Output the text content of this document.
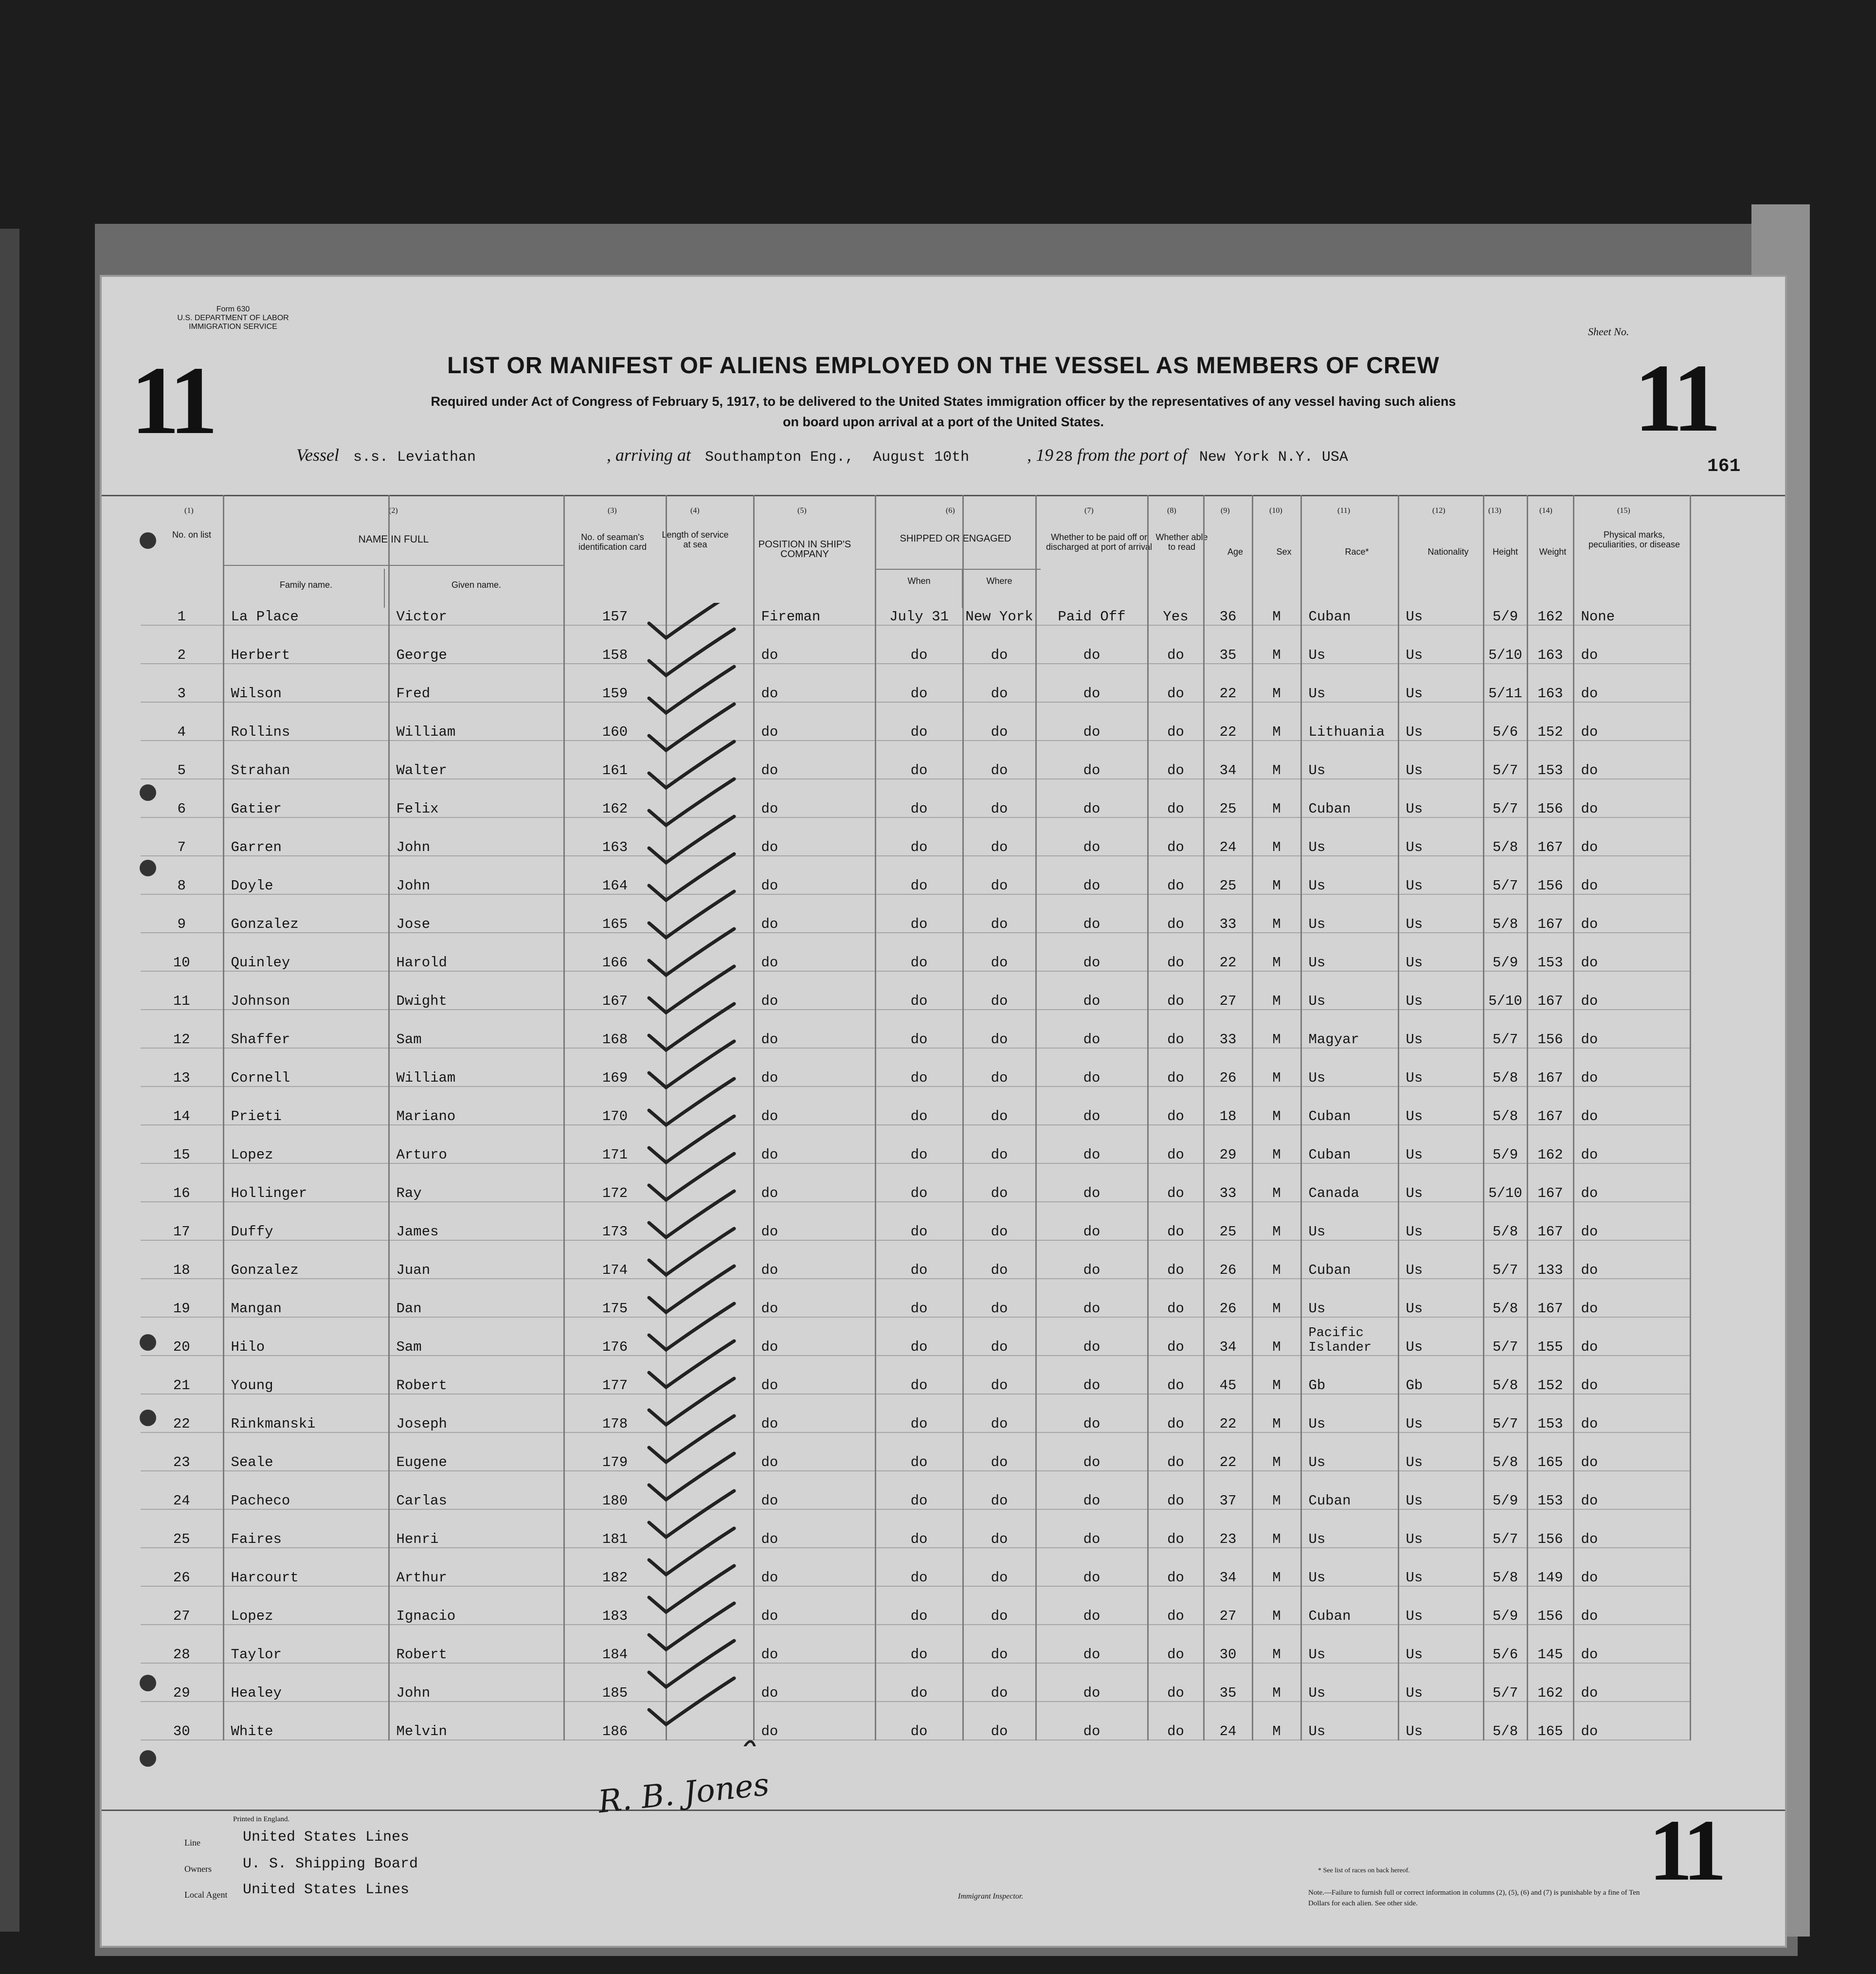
Form 630
U.S. DEPARTMENT OF LABOR
IMMIGRATION SERVICE
11	11
Sheet No.
LIST OR MANIFEST OF ALIENS EMPLOYED ON THE VESSEL AS MEMBERS OF CREW
Required under Act of Congress of February 5, 1917, to be delivered to the United States immigration officer by the representatives of any vessel having such aliens
on board upon arrival at a port of the United States.
Vessel s.s. Leviathan	, arriving at Southampton Eng., August 10th	, 19 28 from the port of New York N.Y. USA	161
(1)	(2)	(3)	(4)	(5)	(6)	(7)	(8)	(9)	(10)	(11)	(12)	(13)	(14)	(15)
No. on list	NAME IN FULL
Family name.	Given name.
No. of seaman's identification card
Length of service at sea	POSITION IN SHIP'S COMPANY
SHIPPED OR ENGAGED
When	Where
Whether to be paid off or discharged at port of arrival
Whether able to read	Age	Sex	Race*	Nationality	Height	Weight
Physical marks, peculiarities, or disease

1	La Place	Victor	157		Fireman	July 31	New York	Paid Off	Yes	36	M	Cuban	Us	5/9	162	None
2	Herbert	George	158		do	do	do	do	do	35	M	Us	Us	5/10	163	do
3	Wilson	Fred	159		do	do	do	do	do	22	M	Us	Us	5/11	163	do
4	Rollins	William	160		do	do	do	do	do	22	M	Lithuania	Us	5/6	152	do
5	Strahan	Walter	161		do	do	do	do	do	34	M	Us	Us	5/7	153	do
6	Gatier	Felix	162		do	do	do	do	do	25	M	Cuban	Us	5/7	156	do
7	Garren	John	163		do	do	do	do	do	24	M	Us	Us	5/8	167	do
8	Doyle	John	164		do	do	do	do	do	25	M	Us	Us	5/7	156	do
9	Gonzalez	Jose	165		do	do	do	do	do	33	M	Us	Us	5/8	167	do
10	Quinley	Harold	166		do	do	do	do	do	22	M	Us	Us	5/9	153	do
11	Johnson	Dwight	167		do	do	do	do	do	27	M	Us	Us	5/10	167	do
12	Shaffer	Sam	168		do	do	do	do	do	33	M	Magyar	Us	5/7	156	do
13	Cornell	William	169		do	do	do	do	do	26	M	Us	Us	5/8	167	do
14	Prieti	Mariano	170		do	do	do	do	do	18	M	Cuban	Us	5/8	167	do
15	Lopez	Arturo	171		do	do	do	do	do	29	M	Cuban	Us	5/9	162	do
16	Hollinger	Ray	172		do	do	do	do	do	33	M	Canada	Us	5/10	167	do
17	Duffy	James	173		do	do	do	do	do	25	M	Us	Us	5/8	167	do
18	Gonzalez	Juan	174		do	do	do	do	do	26	M	Cuban	Us	5/7	133	do
19	Mangan	Dan	175		do	do	do	do	do	26	M	Us	Us	5/8	167	do
20	Hilo	Sam	176		do	do	do	do	do	34	M	Pacific Islander	Us	5/7	155	do
21	Young	Robert	177		do	do	do	do	do	45	M	Gb	Gb	5/8	152	do
22	Rinkmanski	Joseph	178		do	do	do	do	do	22	M	Us	Us	5/7	153	do
23	Seale	Eugene	179		do	do	do	do	do	22	M	Us	Us	5/8	165	do
24	Pacheco	Carlas	180		do	do	do	do	do	37	M	Cuban	Us	5/9	153	do
25	Faires	Henri	181		do	do	do	do	do	23	M	Us	Us	5/7	156	do
26	Harcourt	Arthur	182		do	do	do	do	do	34	M	Us	Us	5/8	149	do
27	Lopez	Ignacio	183		do	do	do	do	do	27	M	Cuban	Us	5/9	156	do
28	Taylor	Robert	184		do	do	do	do	do	30	M	Us	Us	5/6	145	do
29	Healey	John	185		do	do	do	do	do	35	M	Us	Us	5/7	162	do
30	White	Melvin	186		do	do	do	do	do	24	M	Us	Us	5/8	165	do
Printed in England.
Line	United States Lines
Owners U. S. Shipping Board
Local Agent United States Lines	Immigrant Inspector.
* See list of races on back hereof.
Note.—Failure to furnish full or correct information in columns (2), (5), (6) and (7) is punishable by a fine of Ten Dollars for each alien. See other side.
11
R. B. Jones
